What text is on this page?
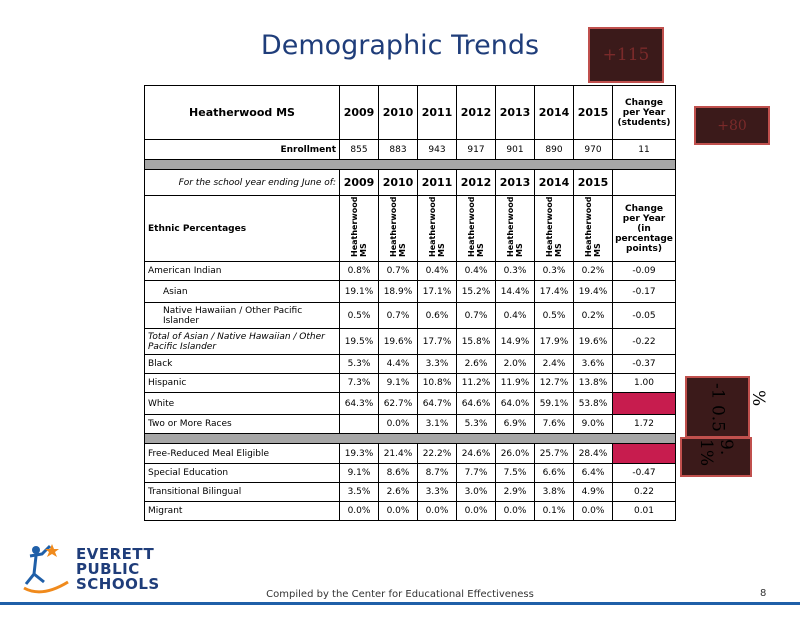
Demographic Trends
Heatherwood MS	2009	2010	2011	2012	2013	2014	2015	Change per Year (students)
Enrollment	855	883	943	917	901	890	970	11

For the school year ending June of:	2009	2010	2011	2012	2013	2014	2015	
Ethnic Percentages	Heatherwood MS	Heatherwood MS	Heatherwood MS	Heatherwood MS	Heatherwood MS	Heatherwood MS	Heatherwood MS	Change per Year (in percentage points)
American Indian	0.8%	0.7%	0.4%	0.4%	0.3%	0.3%	0.2%	-0.09
Asian	19.1%	18.9%	17.1%	15.2%	14.4%	17.4%	19.4%	-0.17
Native Hawaiian / Other Pacific Islander	0.5%	0.7%	0.6%	0.7%	0.4%	0.5%	0.2%	-0.05
Total of Asian / Native Hawaiian / Other Pacific Islander	19.5%	19.6%	17.7%	15.8%	14.9%	17.9%	19.6%	-0.22
Black	5.3%	4.4%	3.3%	2.6%	2.0%	2.4%	3.6%	-0.37
Hispanic	7.3%	9.1%	10.8%	11.2%	11.9%	12.7%	13.8%	1.00
White	64.3%	62.7%	64.7%	64.6%	64.0%	59.1%	53.8%	
Two or More Races		0.0%	3.1%	5.3%	6.9%	7.6%	9.0%	1.72

Free-Reduced Meal Eligible	19.3%	21.4%	22.2%	24.6%	26.0%	25.7%	28.4%	
Special Education	9.1%	8.6%	8.7%	7.7%	7.5%	6.6%	6.4%	-0.47
Transitional Bilingual	3.5%	2.6%	3.3%	3.0%	2.9%	3.8%	4.9%	0.22
Migrant	0.0%	0.0%	0.0%	0.0%	0.0%	0.1%	0.0%	0.01
+115
+80
-1 0.5	%
9. 1%
EVERETT
PUBLIC
SCHOOLS
Compiled by the Center for Educational Effectiveness	8
